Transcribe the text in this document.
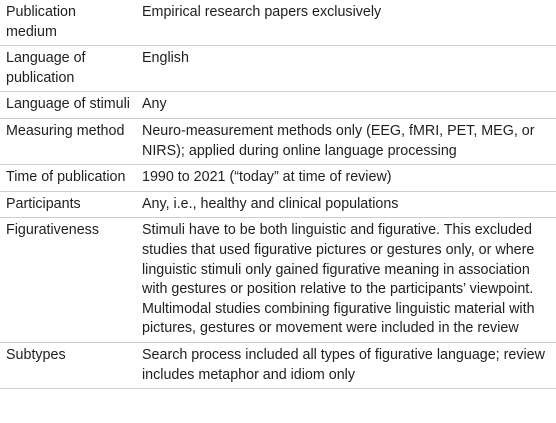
Publication medium	Empirical research papers exclusively
Language of publication	English
Language of stimuli	Any
Measuring method	Neuro-measurement methods only (EEG, fMRI, PET, MEG, or NIRS); applied during online language processing
Time of publication	1990 to 2021 (“today” at time of review)
Participants	Any, i.e., healthy and clinical populations
Figurativeness	Stimuli have to be both linguistic and figurative. This excluded studies that used figurative pictures or gestures only, or where linguistic stimuli only gained figurative meaning in association with gestures or position relative to the participants’ viewpoint. Multimodal studies combining figurative linguistic material with pictures, gestures or movement were included in the review
Subtypes	Search process included all types of figurative language; review includes metaphor and idiom only
